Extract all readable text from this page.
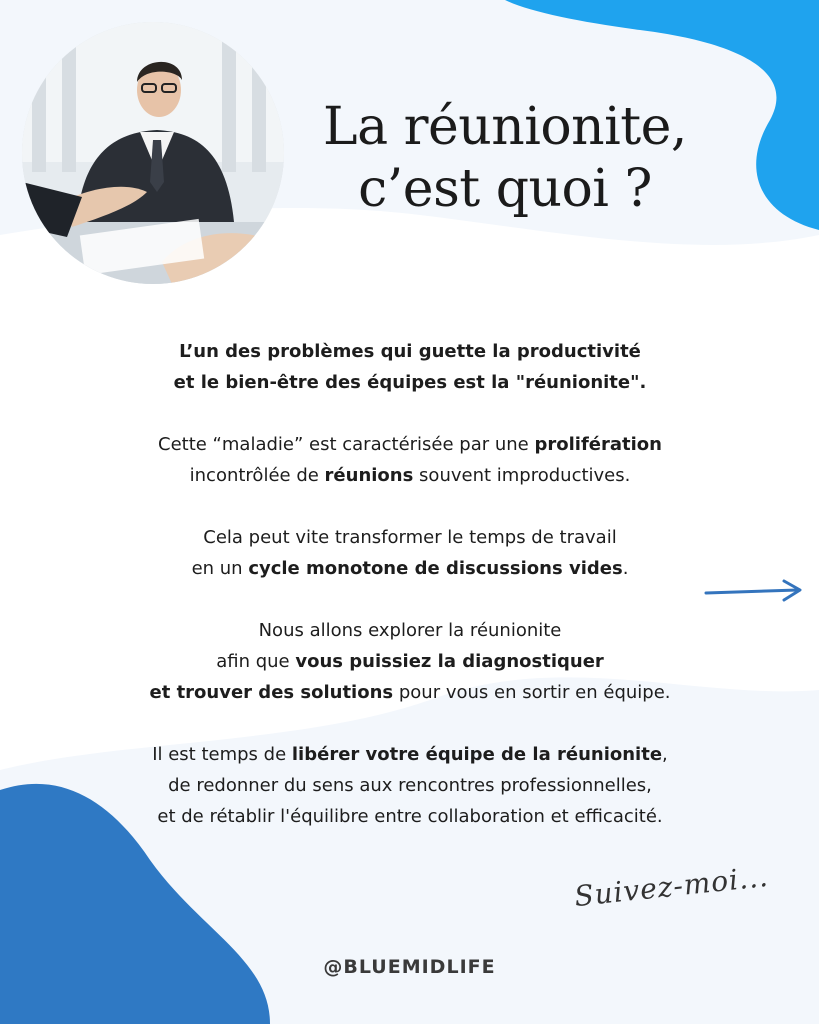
La réunionite,
c’est quoi ?

L’un des problèmes qui guette la productivité
et le bien-être des équipes est la "réunionite".

Cette “maladie” est caractérisée par une prolifération
incontrôlée de réunions souvent improductives.

Cela peut vite transformer le temps de travail
en un cycle monotone de discussions vides.

Nous allons explorer la réunionite
afin que vous puissiez la diagnostiquer
et trouver des solutions pour vous en sortir en équipe.

Il est temps de libérer votre équipe de la réunionite,
de redonner du sens aux rencontres professionnelles,
et de rétablir l'équilibre entre collaboration et efficacité.

Suivez-moi...
@BLUEMIDLIFE
